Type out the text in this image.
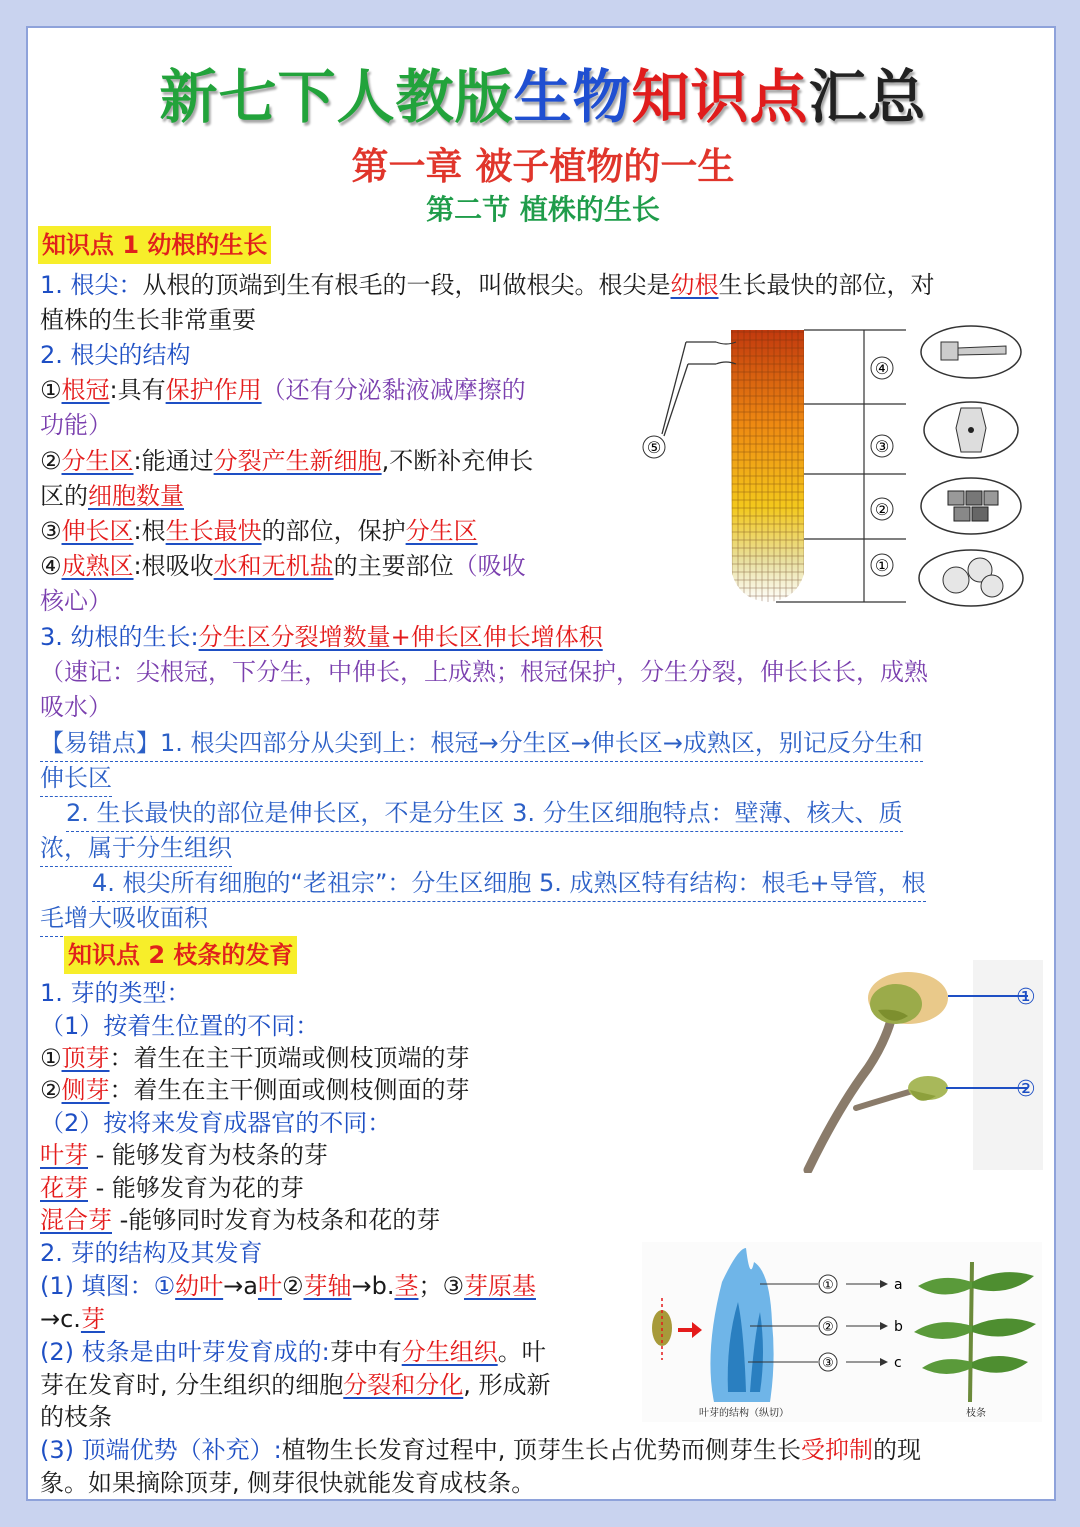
新七下人教版生物知识点汇总
第一章 被子植物的一生
第二节 植株的生长
知识点 1 幼根的生长
1. 根尖：从根的顶端到生有根毛的一段，叫做根尖。根尖是幼根生长最快的部位，对
植株的生长非常重要
2. 根尖的结构
①根冠:具有保护作用（还有分泌黏液减摩擦的
功能）
②分生区:能通过分裂产生新细胞,不断补充伸长
区的细胞数量
③伸长区:根生长最快的部位，保护分生区
④成熟区:根吸收水和无机盐的主要部位（吸收
核心）
3. 幼根的生长:分生区分裂增数量+伸长区伸长增体积
（速记：尖根冠，下分生，中伸长，上成熟；根冠保护，分生分裂，伸长长长，成熟
吸水）
【易错点】1. 根尖四部分从尖到上：根冠→分生区→伸长区→成熟区，别记反分生和
伸长区
2. 生长最快的部位是伸长区，不是分生区 3. 分生区细胞特点：壁薄、核大、质
浓，属于分生组织
4. 根尖所有细胞的“老祖宗”：分生区细胞 5. 成熟区特有结构：根毛+导管，根
毛增大吸收面积
④
③
②
①
⑤
知识点 2 枝条的发育
1. 芽的类型：
（1）按着生位置的不同：
①顶芽：着生在主干顶端或侧枝顶端的芽
②侧芽：着生在主干侧面或侧枝侧面的芽
（2）按将来发育成器官的不同：
叶芽 - 能够发育为枝条的芽
花芽 - 能够发育为花的芽
混合芽 -能够同时发育为枝条和花的芽
2. 芽的结构及其发育
(1) 填图：①幼叶→a叶②芽轴→b.茎；③芽原基
→c.芽
(2) 枝条是由叶芽发育成的:芽中有分生组织。叶
芽在发育时, 分生组织的细胞分裂和分化, 形成新
的枝条
(3) 顶端优势（补充）:植物生长发育过程中, 顶芽生长占优势而侧芽生长受抑制的现
象。如果摘除顶芽, 侧芽很快就能发育成枝条。
①
②
①
②
③
a
b
c
叶芽的结构（纵切）	枝条
